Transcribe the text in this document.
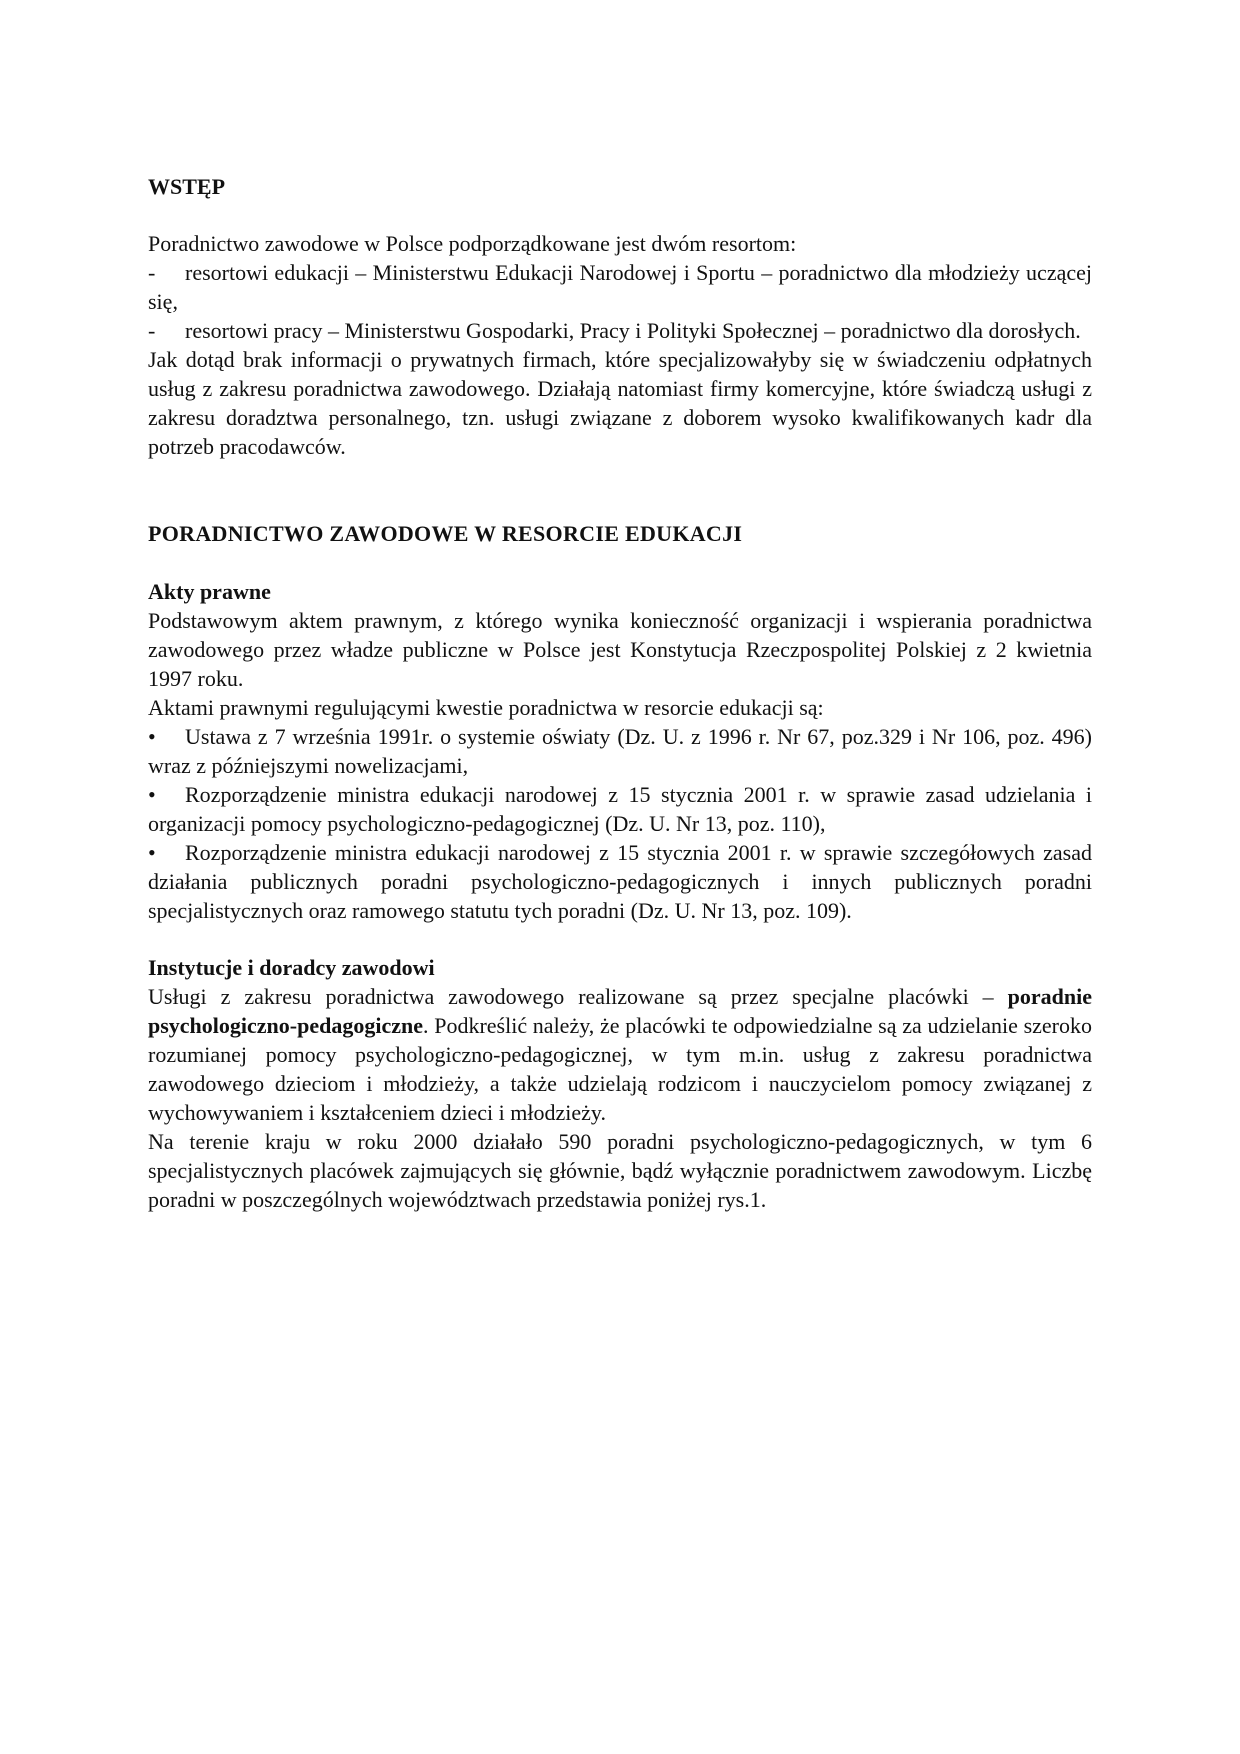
WSTĘP

Poradnictwo zawodowe w Polsce podporządkowane jest dwóm resortom:

- resortowi edukacji – Ministerstwu Edukacji Narodowej i Sportu – poradnictwo dla młodzieży uczącej się,
- resortowi pracy – Ministerstwu Gospodarki, Pracy i Polityki Społecznej – poradnictwo dla dorosłych.

Jak dotąd brak informacji o prywatnych firmach, które specjalizowałyby się w świadczeniu odpłatnych usług z zakresu poradnictwa zawodowego. Działają natomiast firmy komercyjne, które świadczą usługi z zakresu doradztwa personalnego, tzn. usługi związane z doborem wysoko kwalifikowanych kadr dla potrzeb pracodawców.

PORADNICTWO ZAWODOWE W RESORCIE EDUKACJI
Akty prawne

Podstawowym aktem prawnym, z którego wynika konieczność organizacji i wspierania poradnictwa zawodowego przez władze publiczne w Polsce jest Konstytucja Rzeczpospolitej Polskiej z 2 kwietnia 1997 roku.

Aktami prawnymi regulującymi kwestie poradnictwa w resorcie edukacji są:

• Ustawa z 7 września 1991r. o systemie oświaty (Dz. U. z 1996 r. Nr 67, poz.329 i Nr 106, poz. 496) wraz z późniejszymi nowelizacjami,
• Rozporządzenie ministra edukacji narodowej z 15 stycznia 2001 r. w sprawie zasad udzielania i organizacji pomocy psychologiczno-pedagogicznej (Dz. U. Nr 13, poz. 110),
• Rozporządzenie ministra edukacji narodowej z 15 stycznia 2001 r. w sprawie szczegółowych zasad działania publicznych poradni psychologiczno-pedagogicznych i innych publicznych poradni specjalistycznych oraz ramowego statutu tych poradni (Dz. U. Nr 13, poz. 109).
Instytucje i doradcy zawodowi

Usługi z zakresu poradnictwa zawodowego realizowane są przez specjalne placówki – poradnie psychologiczno-pedagogiczne. Podkreślić należy, że placówki te odpowiedzialne są za udzielanie szeroko rozumianej pomocy psychologiczno-pedagogicznej, w tym m.in. usług z zakresu poradnictwa zawodowego dzieciom i młodzieży, a także udzielają rodzicom i nauczycielom pomocy związanej z wychowywaniem i kształceniem dzieci i młodzieży.

Na terenie kraju w roku 2000 działało 590 poradni psychologiczno-pedagogicznych, w tym 6 specjalistycznych placówek zajmujących się głównie, bądź wyłącznie poradnictwem zawodowym. Liczbę poradni w poszczególnych województwach przedstawia poniżej rys.1.
